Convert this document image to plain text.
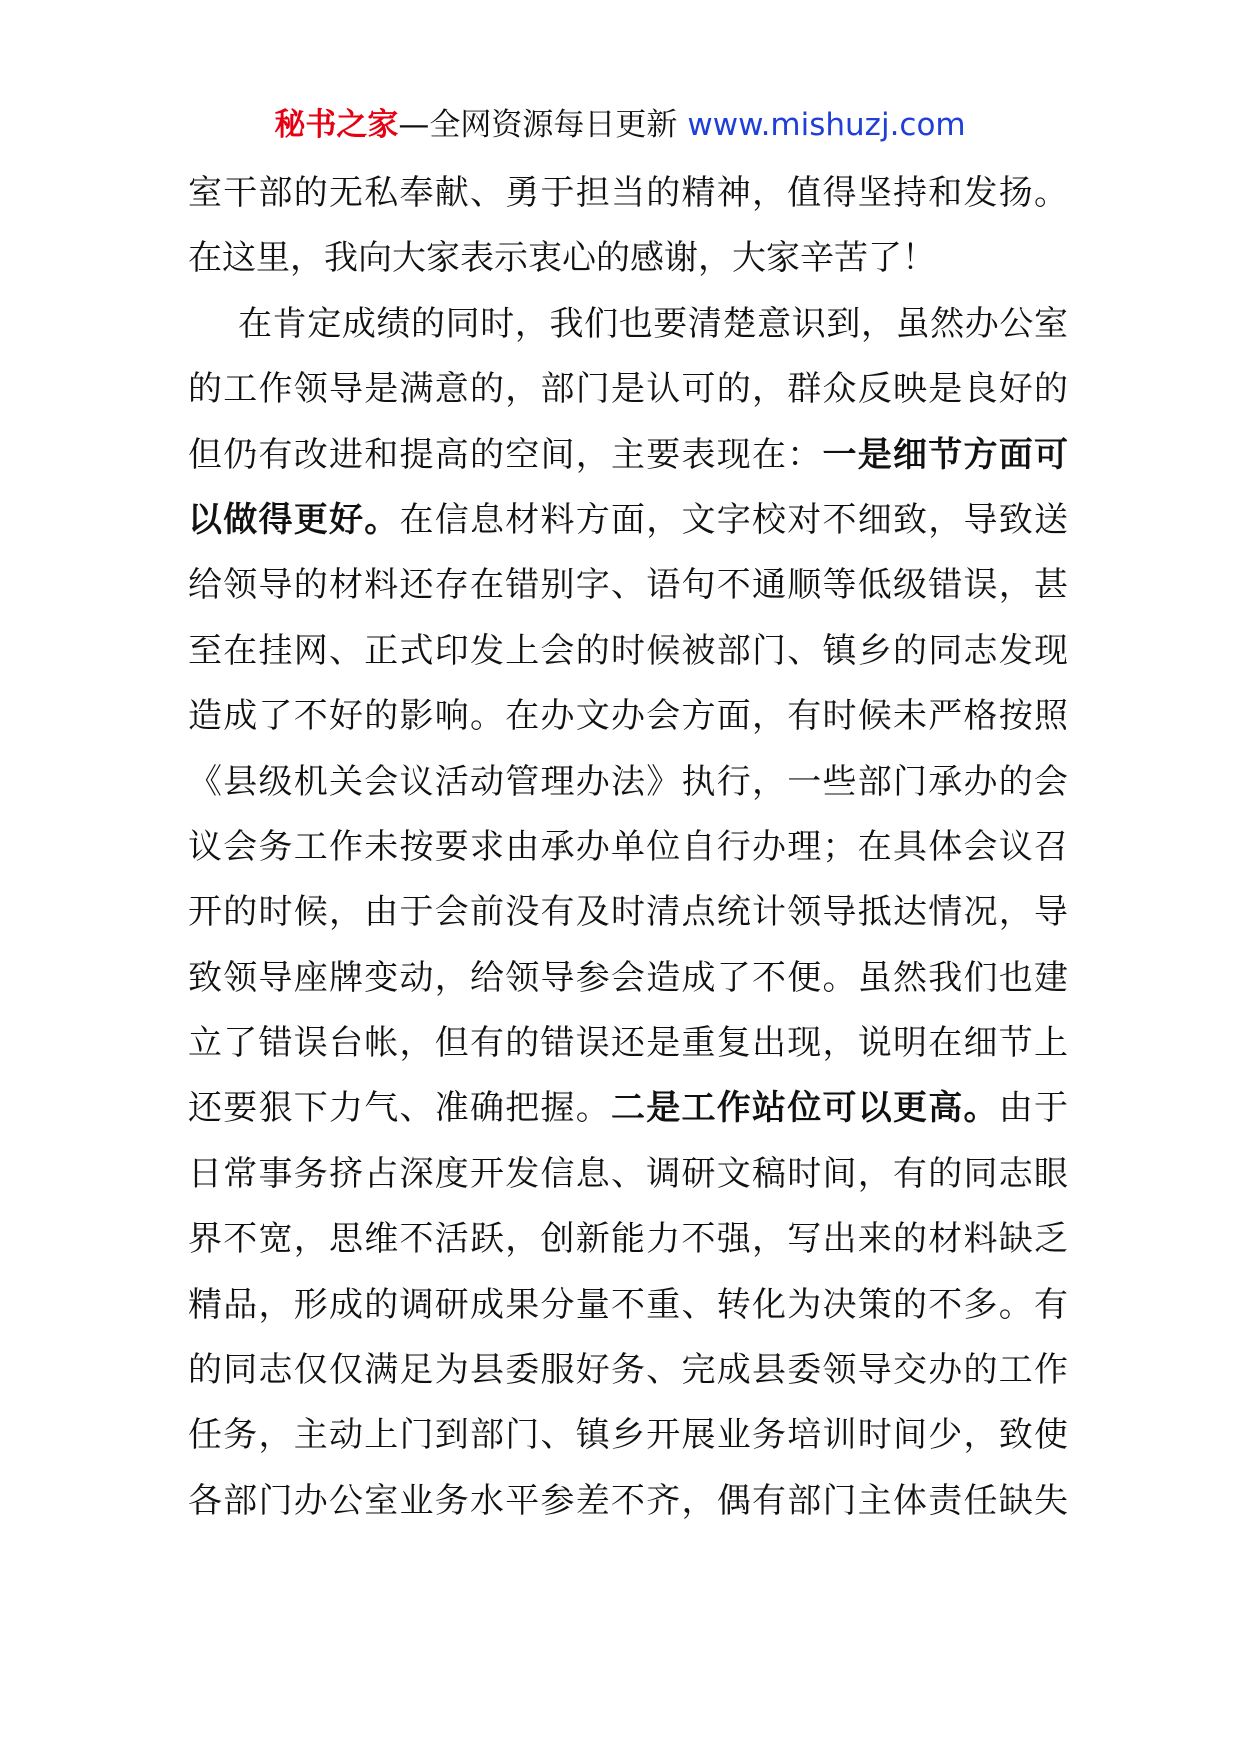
秘书之家—全网资源每日更新 www.mishuzj.com
室干部的无私奉献、勇于担当的精神，值得坚持和发扬。
在这里，我向大家表示衷心的感谢，大家辛苦了！
在肯定成绩的同时，我们也要清楚意识到，虽然办公室
的工作领导是满意的，部门是认可的，群众反映是良好的
但仍有改进和提高的空间，主要表现在：一是细节方面可
以做得更好。在信息材料方面，文字校对不细致，导致送
给领导的材料还存在错别字、语句不通顺等低级错误，甚
至在挂网、正式印发上会的时候被部门、镇乡的同志发现
造成了不好的影响。在办文办会方面，有时候未严格按照
《县级机关会议活动管理办法》执行，一些部门承办的会
议会务工作未按要求由承办单位自行办理；在具体会议召
开的时候，由于会前没有及时清点统计领导抵达情况，导
致领导座牌变动，给领导参会造成了不便。虽然我们也建
立了错误台帐，但有的错误还是重复出现，说明在细节上
还要狠下力气、准确把握。二是工作站位可以更高。由于
日常事务挤占深度开发信息、调研文稿时间，有的同志眼
界不宽，思维不活跃，创新能力不强，写出来的材料缺乏
精品，形成的调研成果分量不重、转化为决策的不多。有
的同志仅仅满足为县委服好务、完成县委领导交办的工作
任务，主动上门到部门、镇乡开展业务培训时间少，致使
各部门办公室业务水平参差不齐，偶有部门主体责任缺失
